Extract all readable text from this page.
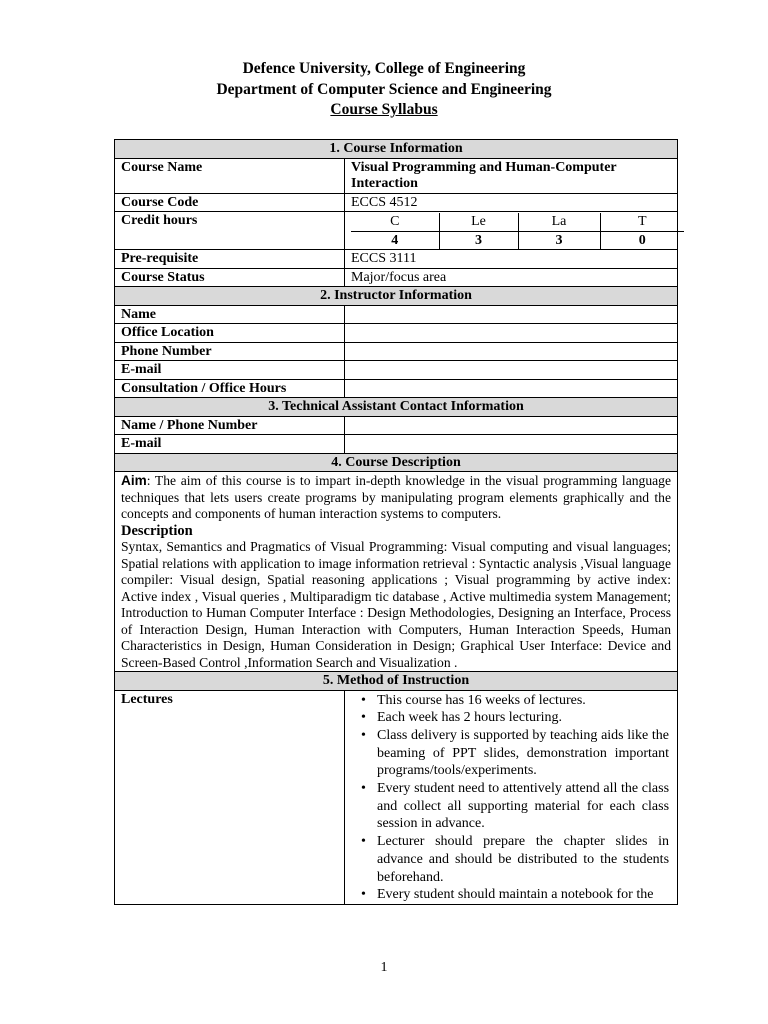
Defence University, College of Engineering
Department of Computer Science and Engineering
Course Syllabus
1. Course Information
Course Name	Visual Programming and Human-Computer Interaction
Course Code	ECCS 4512
Credit hours		C	Le	La	T
4	3	3	0

Pre-requisite	ECCS 3111
Course Status	Major/focus area
2. Instructor Information
Name	
Office Location	
Phone Number	
E-mail	
Consultation / Office Hours	
3. Technical Assistant Contact Information
Name / Phone Number	
E-mail	
4. Course Description
Aim: The aim of this course is to impart in-depth knowledge in the visual programming language techniques that lets users create programs by manipulating program elements graphically and the concepts and components of human interaction systems to computers.
Description
Syntax, Semantics and Pragmatics of Visual Programming: Visual computing and visual languages; Spatial relations with application to image information retrieval : Syntactic analysis ,Visual language compiler: Visual design, Spatial reasoning applications ; Visual programming by active index: Active index , Visual queries , Multiparadigm tic database , Active multimedia system Management; Introduction to Human Computer Interface : Design Methodologies, Designing an Interface, Process of Interaction Design, Human Interaction with Computers, Human Interaction Speeds, Human Characteristics in Design, Human Consideration in Design; Graphical User Interface: Device and Screen-Based Control ,Information Search and Visualization .
5. Method of Instruction
Lectures	
• This course has 16 weeks of lectures.
• Each week has 2 hours lecturing.
• Class delivery is supported by teaching aids like the beaming of PPT slides, demonstration important programs/tools/experiments.
• Every student need to attentively attend all the class and collect all supporting material for each class session in advance.
• Lecturer should prepare the chapter slides in advance and should be distributed to the students beforehand.
• Every student should maintain a notebook for the
1
